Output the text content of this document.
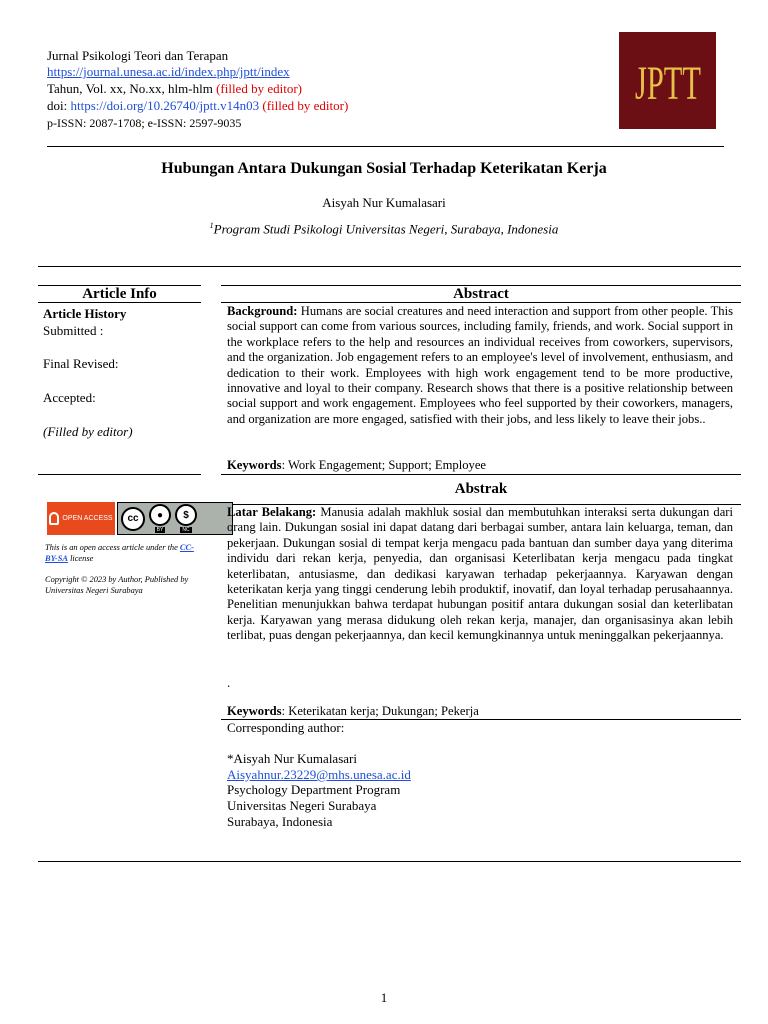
Jurnal Psikologi Teori dan Terapan
https://journal.unesa.ac.id/index.php/jptt/index
Tahun, Vol. xx, No.xx, hlm-hlm (filled by editor)
doi: https://doi.org/10.26740/jptt.v14n03 (filled by editor)
p-ISSN: 2087-1708; e-ISSN: 2597-9035
JPTT
Hubungan Antara Dukungan Sosial Terhadap Keterikatan Kerja
Aisyah Nur Kumalasari
$^1$Program Studi Psikologi Universitas Negeri, Surabaya, Indonesia
Article Info
Article History
Submitted :
Final Revised:
Accepted:
(Filled by editor)
OPEN ACCESS	cc	●
BY
$
NC
This is an open access article under the CC-BY-SA license
Copyright © 2023 by Author, Published by Universitas Negeri Surabaya
Abstract
Background: Humans are social creatures and need interaction and support from other people. This social support can come from various sources, including family, friends, and work. Social support in the workplace refers to the help and resources an individual receives from coworkers, supervisors, and the organization. Job engagement refers to an employee's level of involvement, enthusiasm, and dedication to their work. Employees with high work engagement tend to be more productive, innovative and loyal to their company. Research shows that there is a positive relationship between social support and work engagement. Employees who feel supported by their coworkers, managers, and organization are more engaged, satisfied with their jobs, and less likely to leave their jobs..
Keywords: Work Engagement; Support; Employee
Abstrak
Latar Belakang: Manusia adalah makhluk sosial dan membutuhkan interaksi serta dukungan dari orang lain. Dukungan sosial ini dapat datang dari berbagai sumber, antara lain keluarga, teman, dan pekerjaan. Dukungan sosial di tempat kerja mengacu pada bantuan dan sumber daya yang diterima individu dari rekan kerja, penyedia, dan organisasi Keterlibatan kerja mengacu pada tingkat keterlibatan, antusiasme, dan dedikasi karyawan terhadap pekerjaannya. Karyawan dengan keterikatan kerja yang tinggi cenderung lebih produktif, inovatif, dan loyal terhadap perusahaannya. Penelitian menunjukkan bahwa terdapat hubungan positif antara dukungan sosial dan keterlibatan kerja. Karyawan yang merasa didukung oleh rekan kerja, manajer, dan organisasinya akan lebih terlibat, puas dengan pekerjaannya, dan kecil kemungkinannya untuk meninggalkan pekerjaannya.
.
Keywords: Keterikatan kerja; Dukungan; Pekerja
Corresponding author:
*Aisyah Nur Kumalasari
Aisyahnur.23229@mhs.unesa.ac.id
Psychology Department Program
Universitas Negeri Surabaya
Surabaya, Indonesia
1
